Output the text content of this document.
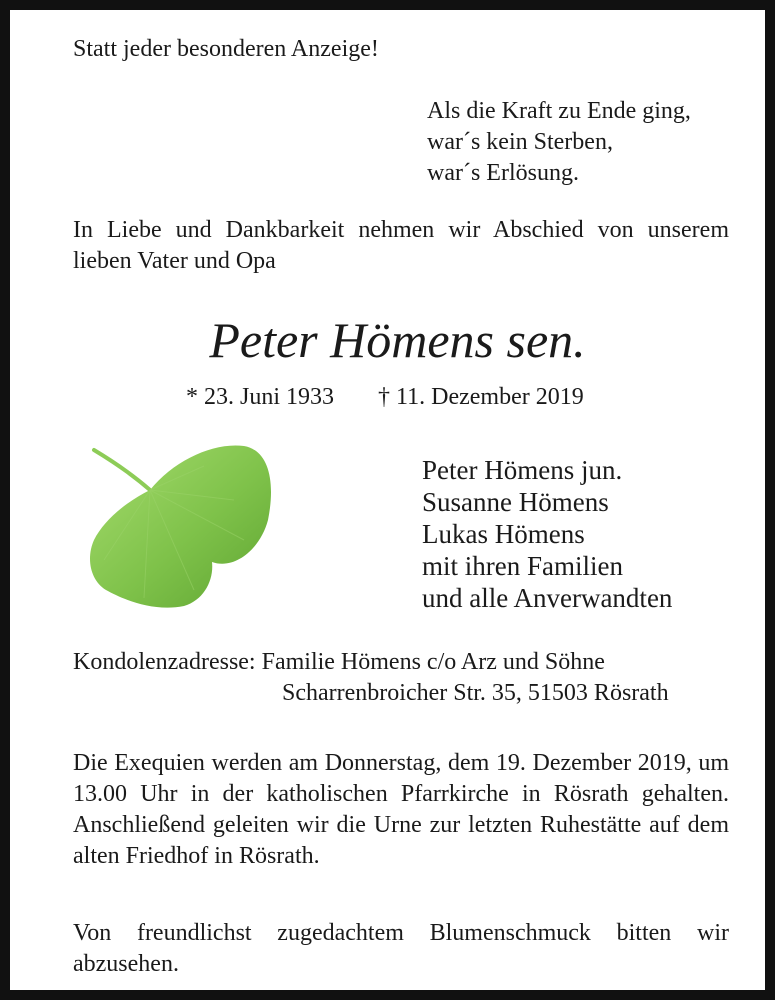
Statt jeder besonderen Anzeige!
Als die Kraft zu Ende ging,
war´s kein Sterben,
war´s Erlösung.
In Liebe und Dankbarkeit nehmen wir Abschied von unserem lieben Vater und Opa
Peter Hömens sen.
* 23. Juni 1933 † 11. Dezember 2019
Peter Hömens jun.
Susanne Hömens
Lukas Hömens
mit ihren Familien
und alle Anverwandten
Kondolenzadresse: Familie Hömens c/o Arz und Söhne
Scharrenbroicher Str. 35, 51503 Rösrath
Die Exequien werden am Donnerstag, dem 19. Dezember 2019, um 13.00 Uhr in der katholischen Pfarrkirche in Rösrath gehalten. Anschließend geleiten wir die Urne zur letzten Ruhestätte auf dem alten Friedhof in Rösrath.
Von freundlichst zugedachtem Blumenschmuck bitten wir abzusehen.
